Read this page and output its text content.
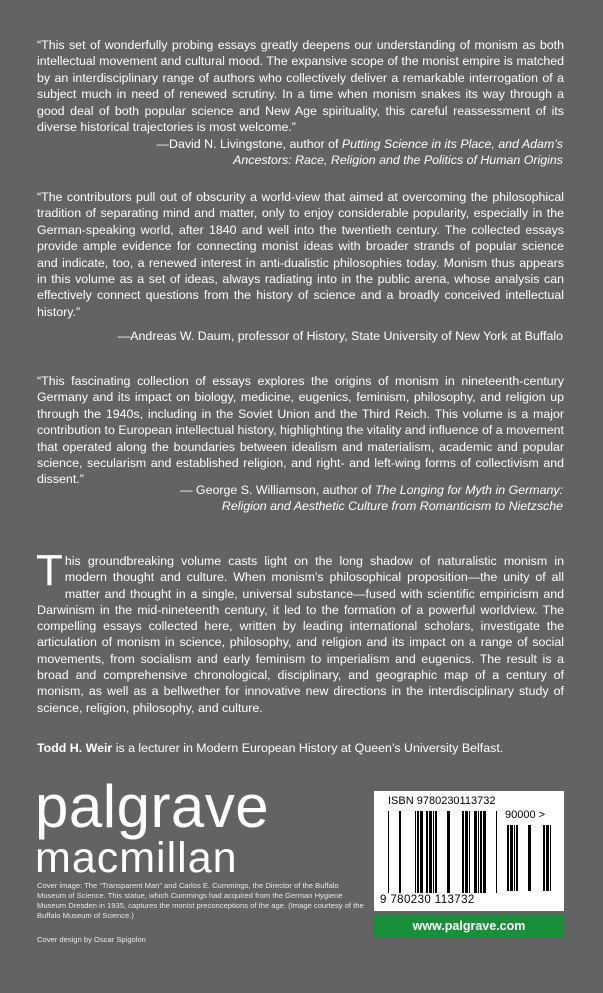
“This set of wonderfully probing essays greatly deepens our understanding of monism as both intellectual movement and cultural mood. The expansive scope of the monist empire is matched by an interdisciplinary range of authors who collectively deliver a remarkable interrogation of a subject much in need of renewed scrutiny. In a time when monism snakes its way through a good deal of both popular science and New Age spirituality, this careful reassessment of its diverse historical trajectories is most welcome.”
—David N. Livingstone, author of Putting Science in its Place, and Adam’s
Ancestors: Race, Religion and the Politics of Human Origins
“The contributors pull out of obscurity a world-view that aimed at overcoming the philosophical tradition of separating mind and matter, only to enjoy considerable popularity, especially in the German-speaking world, after 1840 and well into the twentieth century. The collected essays provide ample evidence for connecting monist ideas with broader strands of popular science and indicate, too, a renewed interest in anti-dualistic philosophies today. Monism thus appears in this volume as a set of ideas, always radiating into in the public arena, whose analysis can effectively connect questions from the history of science and a broadly conceived intellectual history.”
—Andreas W. Daum, professor of History, State University of New York at Buffalo
“This fascinating collection of essays explores the origins of monism in nineteenth-century Germany and its impact on biology, medicine, eugenics, feminism, philosophy, and religion up through the 1940s, including in the Soviet Union and the Third Reich. This volume is a major contribution to European intellectual history, highlighting the vitality and influence of a movement that operated along the boundaries between idealism and materialism, academic and popular science, secularism and established religion, and right- and left-wing forms of collectivism and dissent.”
— George S. Williamson, author of The Longing for Myth in Germany:
Religion and Aesthetic Culture from Romanticism to Nietzsche
This groundbreaking volume casts light on the long shadow of naturalistic monism in modern thought and culture. When monism’s philosophical proposition—the unity of all matter and thought in a single, universal substance—fused with scientific empiricism and Darwinism in the mid-nineteenth century, it led to the formation of a powerful worldview. The compelling essays collected here, written by leading international scholars, investigate the articulation of monism in science, philosophy, and religion and its impact on a range of social movements, from socialism and early feminism to imperialism and eugenics. The result is a broad and comprehensive chronological, disciplinary, and geographic map of a century of monism, as well as a bellwether for innovative new directions in the interdisciplinary study of science, religion, philosophy, and culture.
Todd H. Weir is a lecturer in Modern European History at Queen’s University Belfast.
palgrave
macmillan
Cover image: The “Transparent Man” and Carlos E. Cummings, the Director of the Buffalo Museum of Science. This statue, which Cummings had acquired from the German Hygiene Museum Dresden in 1935, captures the monist preconceptions of the age. (Image courtesy of the Buffalo Museum of Science.)
Cover design by Oscar Spigolon
ISBN 9780230113732
90000 >
9 780230 113732
www.palgrave.com
